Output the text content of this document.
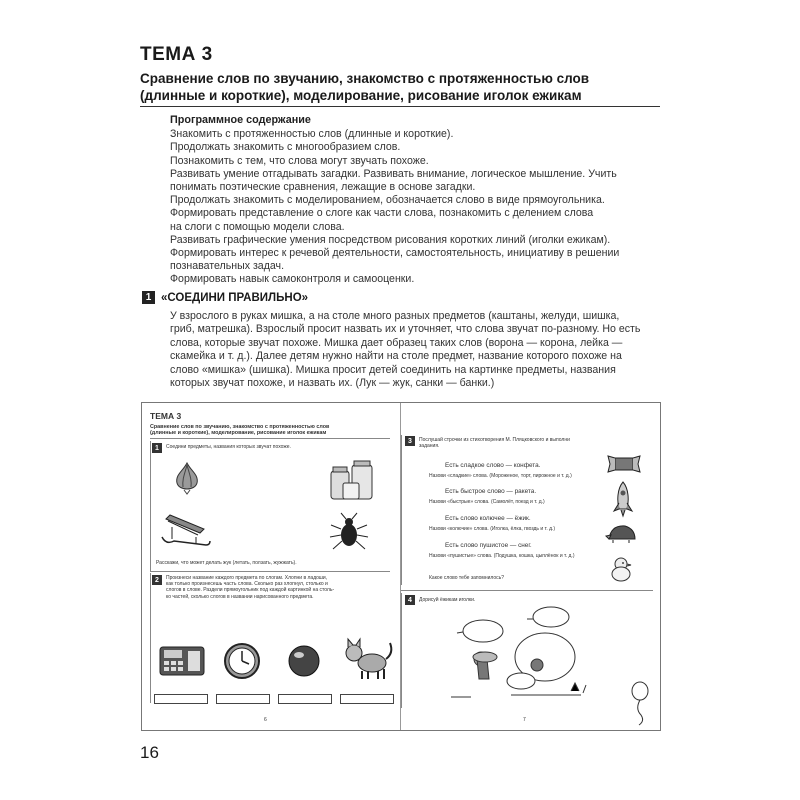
ТЕМА 3
Сравнение слов по звучанию, знакомство с протяженностью слов
(длинные и короткие), моделирование, рисование иголок ежикам
Программное содержание
Знакомить с протяженностью слов (длинные и короткие).
Продолжать знакомить с многообразием слов.
Познакомить с тем, что слова могут звучать похоже.
Развивать умение отгадывать загадки. Развивать внимание, логическое мышление. Учить
понимать поэтические сравнения, лежащие в основе загадки.
Продолжать знакомить с моделированием, обозначается слово в виде прямоугольника.
Формировать представление о слоге как части слова, познакомить с делением слова
на слоги с помощью модели слова.
Развивать графические умения посредством рисования коротких линий (иголки ежикам).
Формировать интерес к речевой деятельности, самостоятельность, инициативу в решении
познавательных задач.
Формировать навык самоконтроля и самооценки.
1 «СОЕДИНИ ПРАВИЛЬНО»
У взрослого в руках мишка, а на столе много разных предметов (каштаны, желуди, шишка,
гриб, матрешка). Взрослый просит назвать их и уточняет, что слова звучат по-разному. Но есть
слова, которые звучат похоже. Мишка дает образец таких слов (ворона — корона, лейка —
скамейка и т. д.). Далее детям нужно найти на столе предмет, название которого похоже на
слово «мишка» (шишка). Мишка просит детей соединить на картинке предметы, названия
которых звучат похоже, и назвать их. (Лук — жук, санки — банки.)
ТЕМА 3
Сравнение слов по звучанию, знакомство с протяженностью слов
(длинные и короткие), моделирование, рисование иголок ежикам
1	Соедини предметы, названия которых звучат похоже.
Расскажи, что может делать жук (летать, ползать, жужжать).
2	Произнеси название каждого предмета по слогам. Хлопни в ладоши,
как только произнесешь часть слова. Сколько раз хлопнул, столько и
слогов в слове. Раздели прямоугольник под каждой картинкой на столь-
ко частей, сколько слогов в названии нарисованного предмета.
6
3	Послушай строчки из стихотворения М. Пляцковского и выполни
задания.
Есть сладкое слово — конфета.
Назови «сладкие» слова. (Мороженое, торт, пирожное и т. д.)
Есть быстрое слово — ракета.
Назови «быстрые» слова. (Самолёт, поезд и т. д.)
Есть слово колючее — ёжик.
Назови «колючие» слова. (Иголка, ёлка, гвоздь и т. д.)
Есть слово пушистое — снег.
Назови «пушистые» слова. (Подушка, кошка, цыплёнок и т. д.)
Какое слово тебе запомнилось?
4	Дорисуй ёжикам иголки.
7
16
